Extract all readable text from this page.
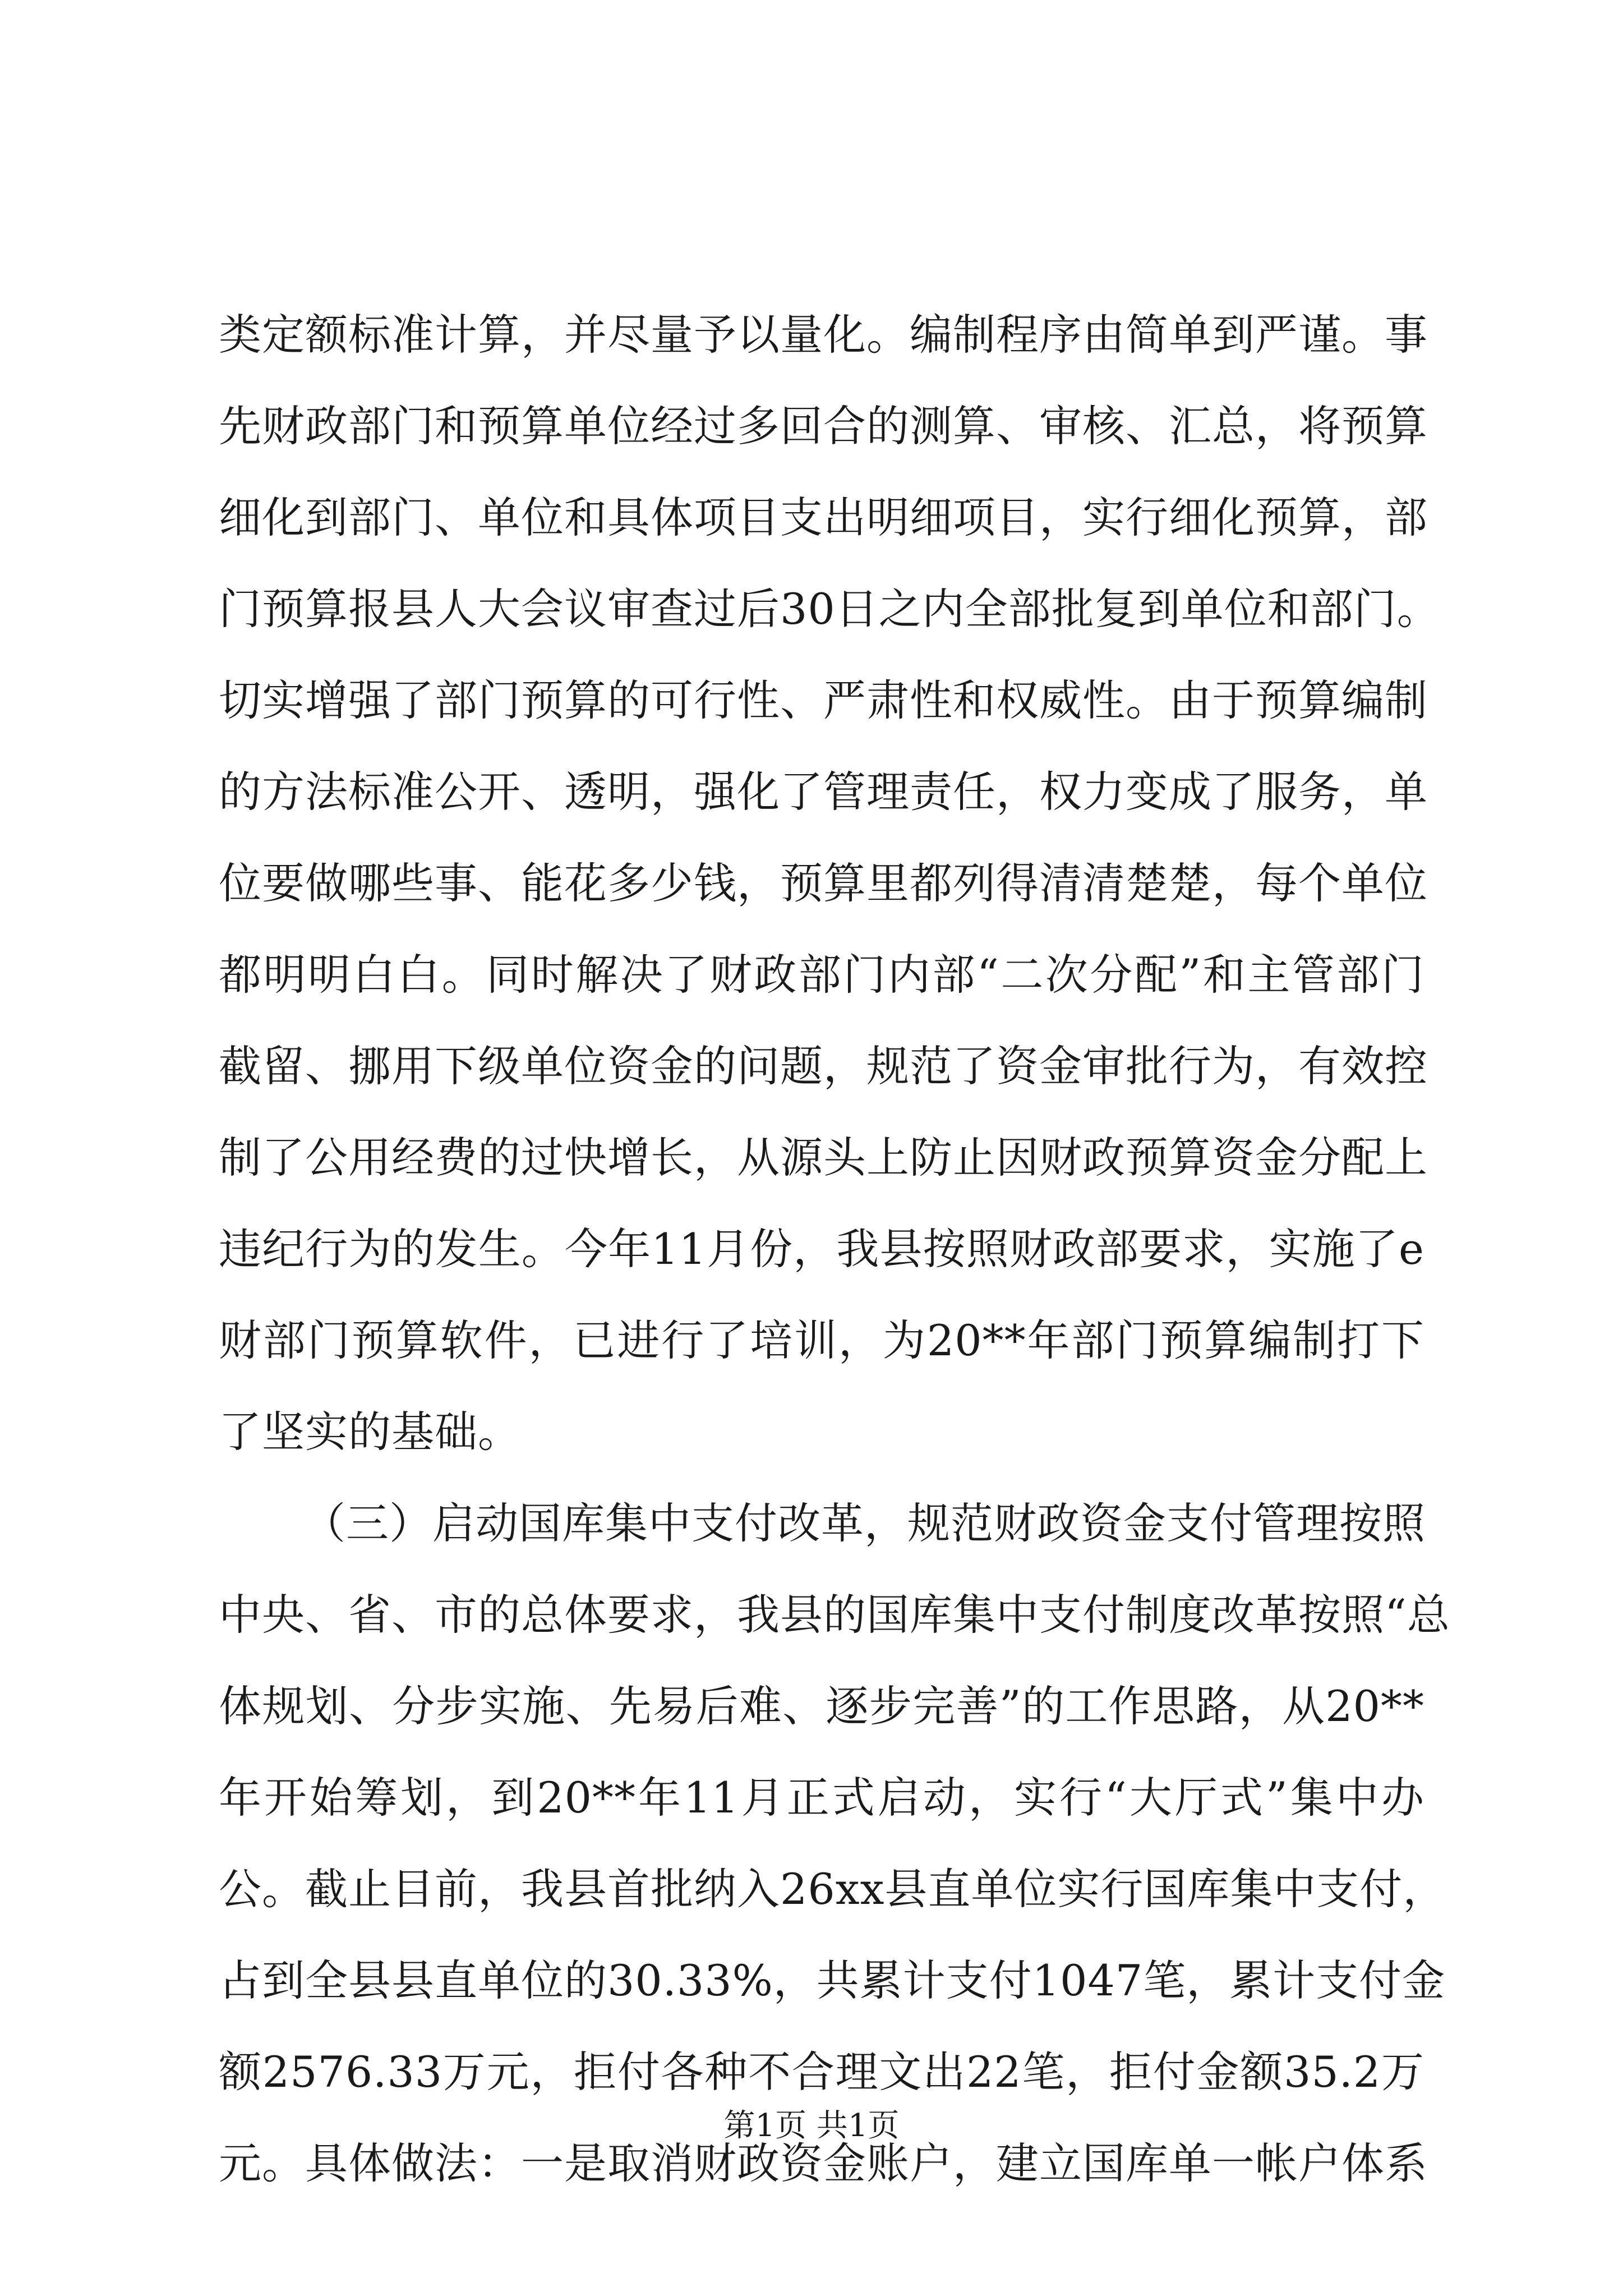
类定额标准计算，并尽量予以量化。编制程序由简单到严谨。事
先财政部门和预算单位经过多回合的测算、审核、汇总，将预算
细化到部门、单位和具体项目支出明细项目，实行细化预算，部
门预算报县人大会议审查过后30日之内全部批复到单位和部门。
切实增强了部门预算的可行性、严肃性和权威性。由于预算编制
的方法标准公开、透明，强化了管理责任，权力变成了服务，单
位要做哪些事、能花多少钱，预算里都列得清清楚楚，每个单位
都明明白白。同时解决了财政部门内部“二次分配”和主管部门
截留、挪用下级单位资金的问题，规范了资金审批行为，有效控
制了公用经费的过快增长，从源头上防止因财政预算资金分配上
违纪行为的发生。今年11月份，我县按照财政部要求，实施了e
财部门预算软件，已进行了培训，为20**年部门预算编制打下
了坚实的基础。
（三）启动国库集中支付改革，规范财政资金支付管理按照
中央、省、市的总体要求，我县的国库集中支付制度改革按照“总
体规划、分步实施、先易后难、逐步完善”的工作思路，从20**
年开始筹划，到20**年11月正式启动，实行“大厅式”集中办
公。截止目前，我县首批纳入26xx县直单位实行国库集中支付，
占到全县县直单位的30.33%，共累计支付1047笔，累计支付金
额2576.33万元，拒付各种不合理文出22笔，拒付金额35.2万
元。具体做法：一是取消财政资金账户，建立国库单一帐户体系
第1页 共1页
